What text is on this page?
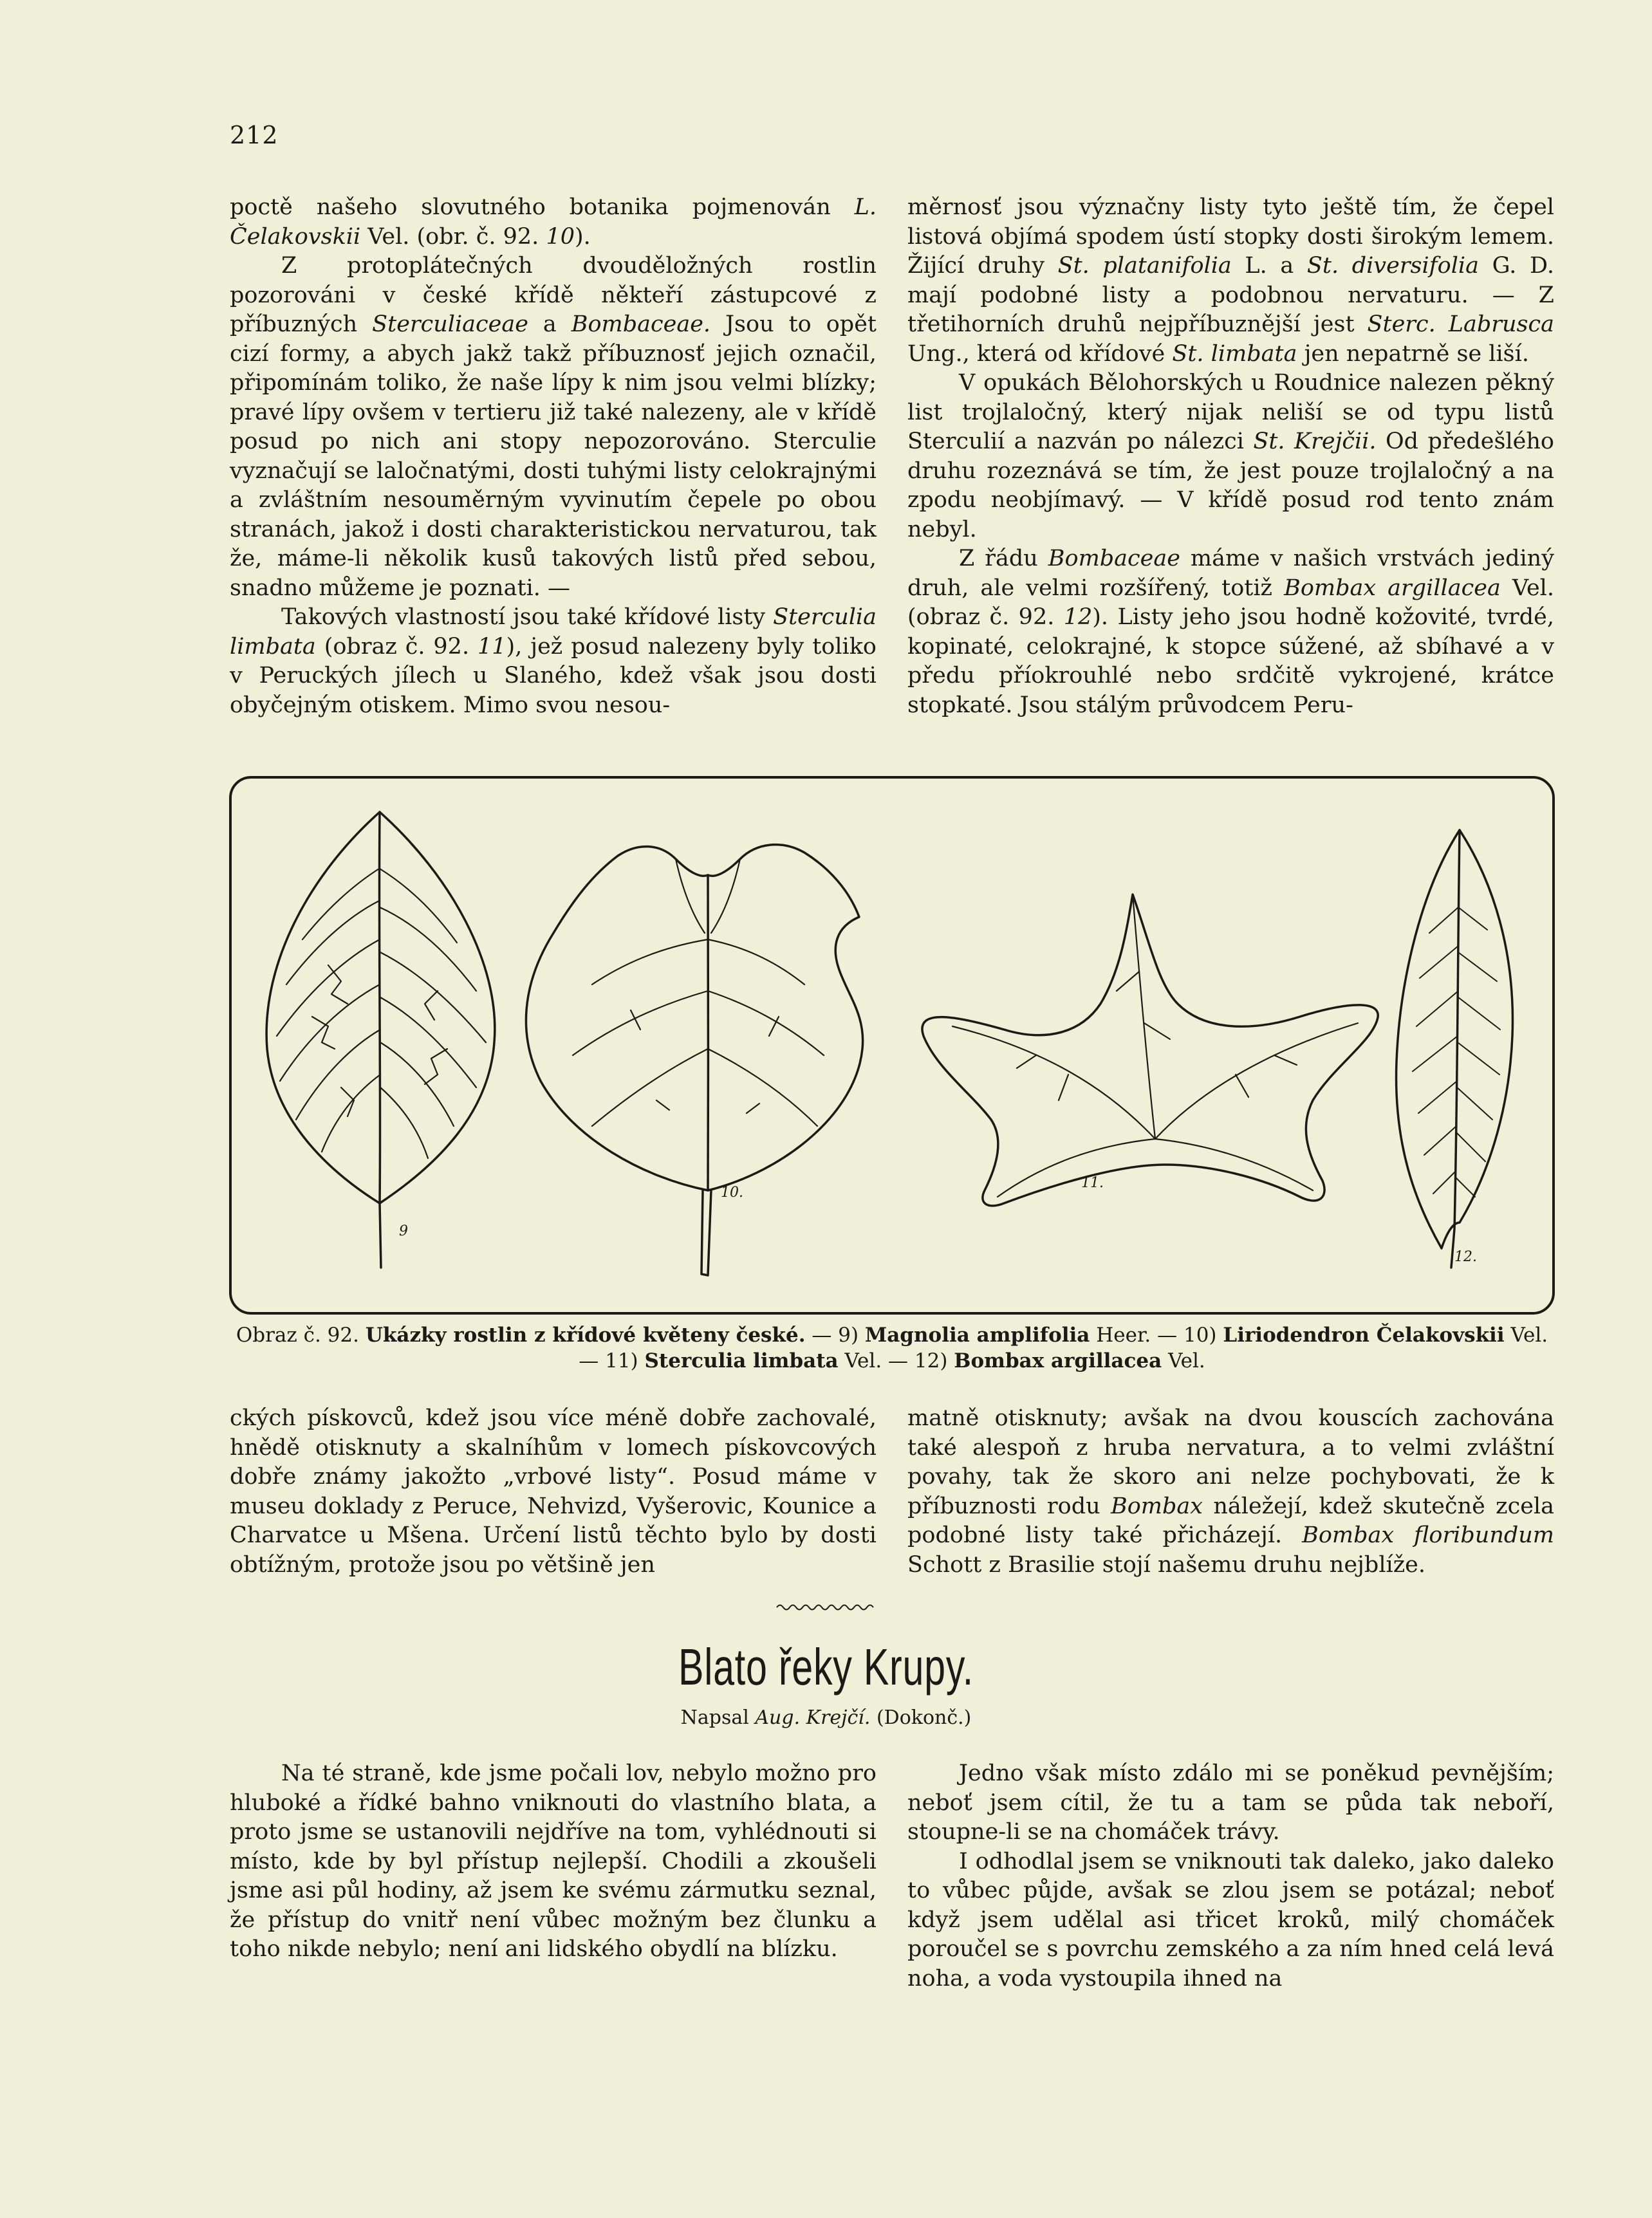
212

poctě našeho slovutného botanika pojmenován L. Čelakovskii Vel. (obr. č. 92. 10).

Z protoplátečných dvouděložných rostlin pozorováni v české křídě někteří zástupcové z příbuzných Sterculiaceae a Bombaceae. Jsou to opět cizí formy, a abych jakž takž příbuznosť jejich označil, připomínám toliko, že naše lípy k nim jsou velmi blízky; pravé lípy ovšem v tertieru již také nalezeny, ale v křídě posud po nich ani stopy nepozorováno. Sterculie vyznačují se laločnatými, dosti tuhými listy celokrajnými a zvláštním nesouměrným vyvinutím čepele po obou stranách, jakož i dosti charakteristickou nervaturou, tak že, máme-li několik kusů takových listů před sebou, snadno můžeme je poznati. —

Takových vlastností jsou také křídové listy Sterculia limbata (obraz č. 92. 11), jež posud nalezeny byly toliko v Peruckých jílech u Slaného, kdež však jsou dosti obyčejným otiskem. Mimo svou nesou-

měrnosť jsou význačny listy tyto ještě tím, že čepel listová objímá spodem ústí stopky dosti širokým lemem. Žijící druhy St. platanifolia L. a St. diversifolia G. D. mají podobné listy a podobnou nervaturu. — Z třetihorních druhů nejpříbuznější jest Sterc. Labrusca Ung., která od křídové St. limbata jen nepatrně se liší.

V opukách Bělohorských u Roudnice nalezen pěkný list trojlaločný, který nijak neliší se od typu listů Sterculií a nazván po nálezci St. Krejčii. Od předešlého druhu rozeznává se tím, že jest pouze trojlaločný a na zpodu neobjímavý. — V křídě posud rod tento znám nebyl.

Z řádu Bombaceae máme v našich vrstvách jediný druh, ale velmi rozšířený, totiž Bombax argillacea Vel. (obraz č. 92. 12). Listy jeho jsou hodně kožovité, tvrdé, kopinaté, celokrajné, k stopce súžené, až sbíhavé a v předu příokrouhlé nebo srdčitě vykrojené, krátce stopkaté. Jsou stálým průvodcem Peru-

9
10.
11.
12.
Obraz č. 92. Ukázky rostlin z křídové květeny české. — 9) Magnolia amplifolia Heer. — 10) Liriodendron Čelakovskii Vel. — 11) Sterculia limbata Vel. — 12) Bombax argillacea Vel.

ckých pískovců, kdež jsou více méně dobře zachovalé, hnědě otisknuty a skalníhům v lomech pískovcových dobře známy jakožto „vrbové listy“. Posud máme v museu doklady z Peruce, Nehvizd, Vyšerovic, Kounice a Charvatce u Mšena. Určení listů těchto bylo by dosti obtížným, protože jsou po většině jen

matně otisknuty; avšak na dvou kouscích zachována také alespoň z hruba nervatura, a to velmi zvláštní povahy, tak že skoro ani nelze pochybovati, že k příbuznosti rodu Bombax náležejí, kdež skutečně zcela podobné listy také přicházejí. Bombax floribundum Schott z Brasilie stojí našemu druhu nejblíže.

Blato řeky Krupy.
Napsal Aug. Krejčí. (Dokonč.)

Na té straně, kde jsme počali lov, nebylo možno pro hluboké a řídké bahno vniknouti do vlastního blata, a proto jsme se ustanovili nejdříve na tom, vyhlédnouti si místo, kde by byl přístup nejlepší. Chodili a zkoušeli jsme asi půl hodiny, až jsem ke svému zármutku seznal, že přístup do vnitř není vůbec možným bez člunku a toho nikde nebylo; není ani lidského obydlí na blízku.

Jedno však místo zdálo mi se poněkud pevnějším; neboť jsem cítil, že tu a tam se půda tak neboří, stoupne-li se na chomáček trávy.

I odhodlal jsem se vniknouti tak daleko, jako daleko to vůbec půjde, avšak se zlou jsem se potázal; neboť když jsem udělal asi třicet kroků, milý chomáček poroučel se s povrchu zemského a za ním hned celá levá noha, a voda vystoupila ihned na
